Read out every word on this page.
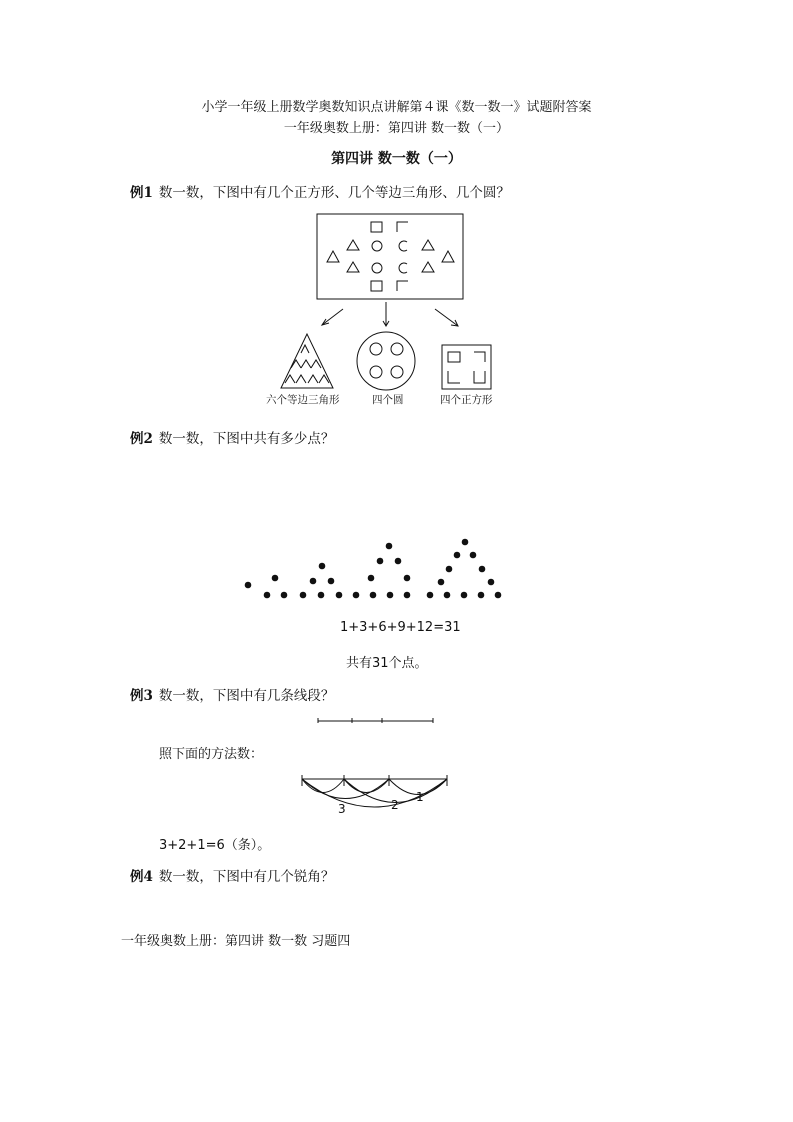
小学一年级上册数学奥数知识点讲解第４课《数一数一》试题附答案
一年级奥数上册：第四讲 数一数（一）
第四讲 数一数（一）
例1 数一数，下图中有几个正方形、几个等边三角形、几个圆？
六个等边三角形	四个圆	四个正方形
例2 数一数，下图中共有多少点？
1+3+6+9+12=31
共有31个点。
例3 数一数，下图中有几条线段？
照下面的方法数：
3	2
1
3+2+1=6（条）。
例4 数一数，下图中有几个锐角？
一年级奥数上册：第四讲 数一数 习题四
